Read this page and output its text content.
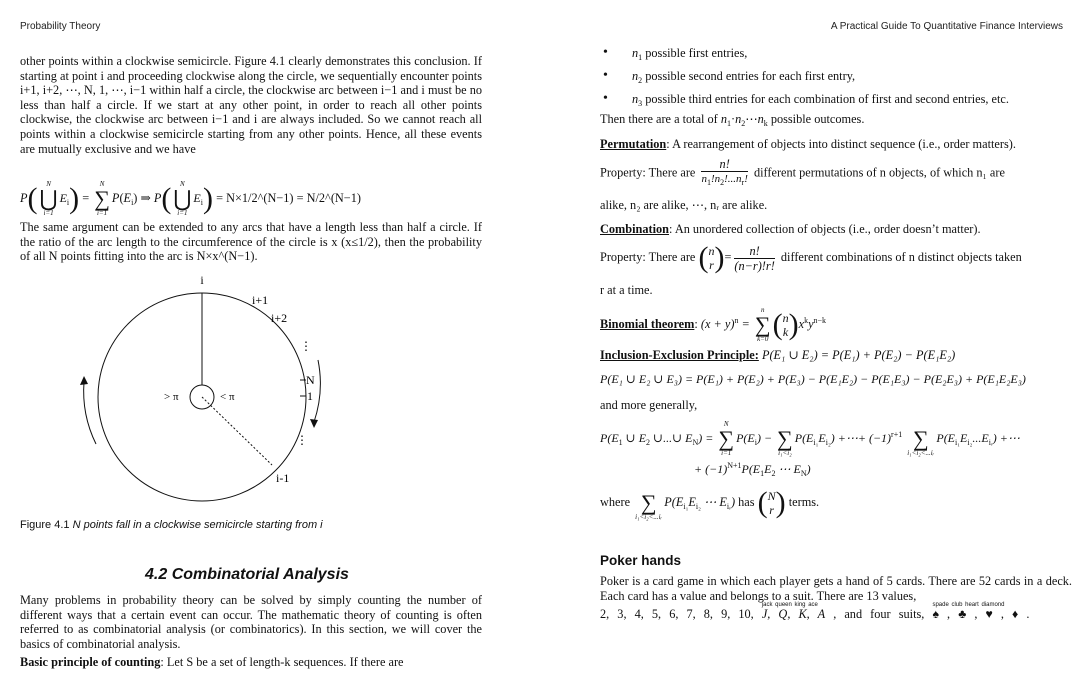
Probability Theory

other points within a clockwise semicircle. Figure 4.1 clearly demonstrates this conclusion. If starting at point i and proceeding clockwise along the circle, we sequentially encounter points i+1, i+2, ⋯, N, 1, ⋯, i−1 within half a circle, the clockwise arc between i−1 and i must be no less than half a circle. If we start at any other point, in order to reach all other points clockwise, the clockwise arc between i−1 and i are always included. So we cannot reach all points within a clockwise semicircle starting from any other points. Hence, all these events are mutually exclusive and we have

P(	N
⋃
i=1
$E_i$) =
N
∑
i=1
$P(E_i)$ ⇒ P(	N
⋃
i=1
$E_i$) = N×1/2^(N−1) = N/2^(N−1)

The same argument can be extended to any arcs that have a length less than half a circle. If the ratio of the arc length to the circumference of the circle is x (x≤1/2), then the probability of all N points fitting into the arc is N×x^(N−1).

i
i+1
i+2
⋮
N
1
⋮
i-1
> π	< π
Figure 4.1 N points fall in a clockwise semicircle starting from i
4.2 Combinatorial Analysis

Many problems in probability theory can be solved by simply counting the number of different ways that a certain event can occur. The mathematic theory of counting is often referred to as combinatorial analysis (or combinatorics). In this section, we will cover the basics of combinatorial analysis.

Basic principle of counting: Let S be a set of length-k sequences. If there are

A Practical Guide To Quantitative Finance Interviews
• $n_1$ possible first entries,
• $n_2$ possible second entries for each first entry,
• $n_3$ possible third entries for each combination of first and second entries, etc.
Then there are a total of $n_1\cdot n_2\cdots n_k$ possible outcomes.
Permutation: A rearrangement of objects into distinct sequence (i.e., order matters).
Property: There are $\frac{n!}{n_1!n_2!...n_r!}$ different permutations of n objects, of which n₁ are
alike, n₂ are alike, ⋯, nᵣ are alike.
Combination: An unordered collection of objects (i.e., order doesn’t matter).
Property: There are (n
$r)= \frac{n!}{(n-r)!r!}$ different combinations of n distinct objects taken
r at a time.
Binomial theorem: $(x + y)^n$ =
n
∑
k=0 (n
$k)x^ky^{n-k}$
Inclusion-Exclusion Principle: P(E₁ ∪ E₂) = P(E₁) + P(E₂) − P(E₁E₂)
P(E₁ ∪ E₂ ∪ E₃) = P(E₁) + P(E₂) + P(E₃) − P(E₁E₂) − P(E₁E₃) − P(E₂E₃) + P(E₁E₂E₃)
and more generally,
$P(E_1$ ∪ $E_2$ ∪...∪ $E_N$) =
N
∑
i=1
$P(E_i)$ −
∑
i₁<i₂
$P(E_{i_1}E_{i_2})$ +⋯+ $(-1)^{r+1}$
∑
i₁<i₂<...iᵣ
$P(E_{i_1}E_{i_2}...E_{iᵣ})$ +⋯
+ $(-1)^{N+1}P(E_1E_2$ ⋯ $E_N$)
where
∑
i₁<i₂<...iᵣ
$P(E_{i_1}E_{i_2}$ ⋯ $E_{iᵣ}$) has (N
r) terms.
Poker hands

Poker is a card game in which each player gets a hand of 5 cards. There are 52 cards in a deck. Each card has a value and belongs to a suit. There are 13 values,

2, 3, 4, 5, 6, 7, 8, 9, 10,
jack queen king ace
J, Q, K, A , and four suits,
spade club heart diamond
♠ , ♣ , ♥ , ♦ .
